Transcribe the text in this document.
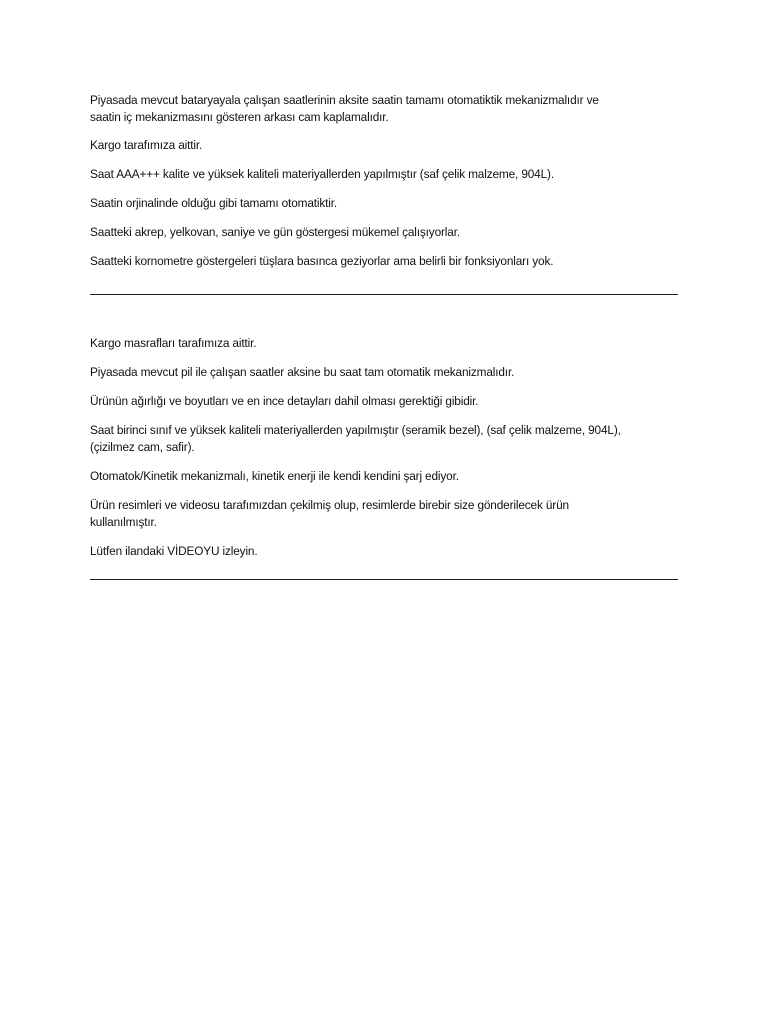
Piyasada mevcut bataryayala çalışan saatlerinin aksite saatin tamamı otomatiktik mekanizmalıdır ve
saatin iç mekanizmasını gösteren arkası cam kaplamalıdır.

Kargo tarafımıza aittir.

Saat AAA+++ kalite ve yüksek kaliteli materiyallerden yapılmıştır (saf çelik malzeme, 904L).

Saatin orjinalinde olduğu gibi tamamı otomatiktir.

Saatteki akrep, yelkovan, saniye ve gün göstergesi mükemel çalışıyorlar.

Saatteki kornometre göstergeleri tüşlara basınca geziyorlar ama belirli bir fonksiyonları yok.

Kargo masrafları tarafımıza aittir.

Piyasada mevcut pil ile çalışan saatler aksine bu saat tam otomatik mekanizmalıdır.

Ürünün ağırlığı ve boyutları ve en ince detayları dahil olması gerektiği gibidir.

Saat birinci sınıf ve yüksek kaliteli materiyallerden yapılmıştır (seramik bezel), (saf çelik malzeme, 904L),
(çizilmez cam, safir).

Otomatok/Kinetik mekanizmalı, kinetik enerji ile kendi kendini şarj ediyor.

Ürün resimleri ve videosu tarafımızdan çekilmiş olup, resimlerde birebir size gönderilecek ürün
kullanılmıştır.

Lütfen ilandaki VİDEOYU izleyin.
